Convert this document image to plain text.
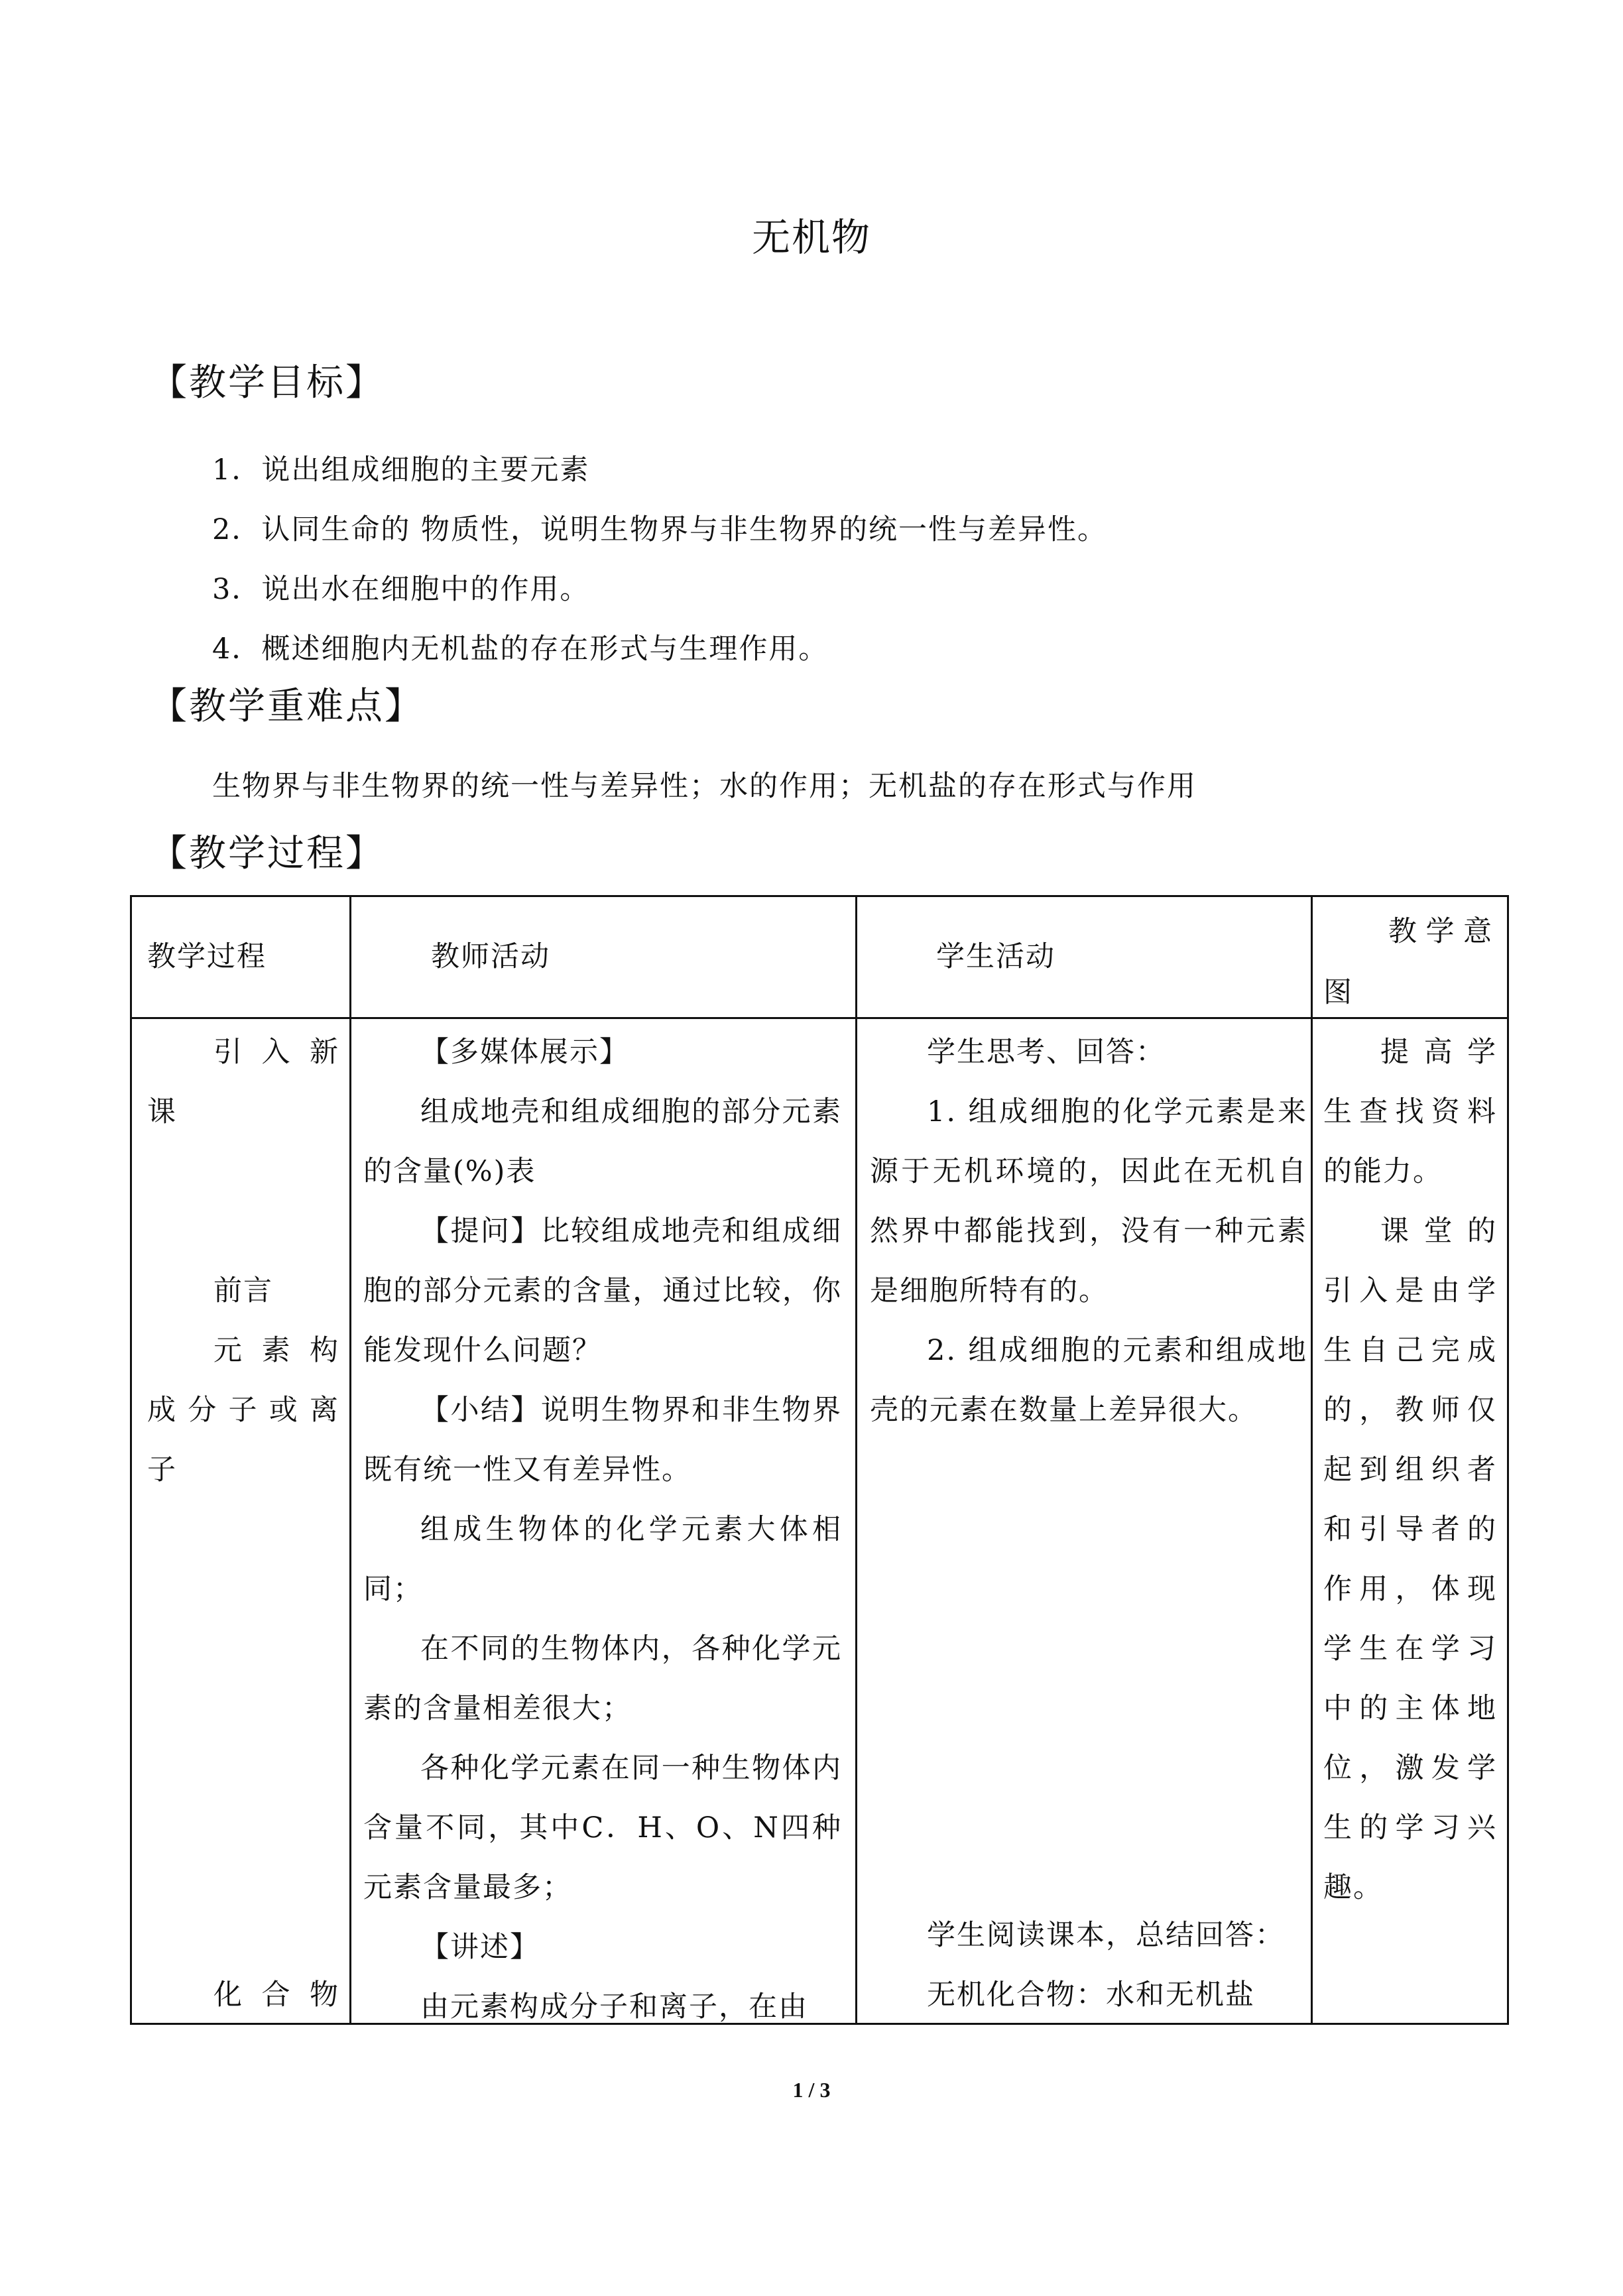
无机物
【教学目标】
1．说出组成细胞的主要元素
2．认同生命的 物质性，说明生物界与非生物界的统一性与差异性。
3．说出水在细胞中的作用。
4．概述细胞内无机盐的存在形式与生理作用。
【教学重难点】
生物界与非生物界的统一性与差异性；水的作用；无机盐的存在形式与作用
【教学过程】
教学过程	教师活动	学生活动
教学意
图

引入新

课

前言

元素构

成分子或离

子

化合物

【多媒体展示】

组成地壳和组成细胞的部分元素的含量(%)表

【提问】比较组成地壳和组成细胞的部分元素的含量，通过比较，你能发现什么问题？

【小结】说明生物界和非生物界既有统一性又有差异性。

组成生物体的化学元素大体相同；

在不同的生物体内，各种化学元素的含量相差很大；

各种化学元素在同一种生物体内含量不同，其中C．H、O、N四种元素含量最多；

【讲述】

由元素构成分子和离子，在由

学生思考、回答：

1. 组成细胞的化学元素是来源于无机环境的，因此在无机自然界中都能找到，没有一种元素是细胞所特有的。

2. 组成细胞的元素和组成地壳的元素在数量上差异很大。

学生阅读课本，总结回答：

无机化合物：水和无机盐

提高学生查找资料的能力。

课堂的引入是由学生自己完成的，教师仅起到组织者和引导者的作用，体现学生在学习中的主体地位，激发学生的学习兴趣。

1 / 3
